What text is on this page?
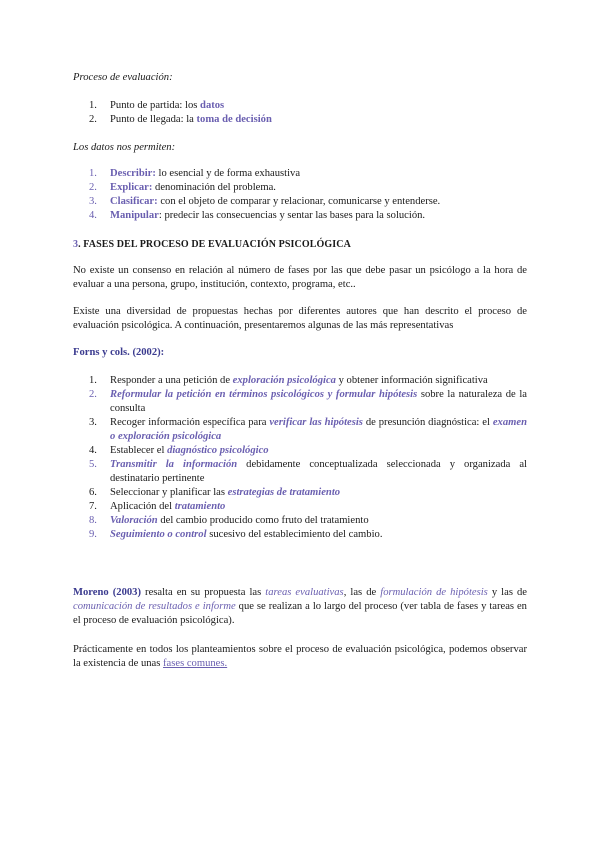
Proceso de evaluación:
1. Punto de partida: los datos
2. Punto de llegada: la toma de decisión
Los datos nos permiten:
1. Describir: lo esencial y de forma exhaustiva
2. Explicar: denominación del problema.
3. Clasificar: con el objeto de comparar y relacionar, comunicarse y entenderse.
4. Manipular: predecir las consecuencias y sentar las bases para la solución.
3. FASES DEL PROCESO DE EVALUACIÓN PSICOLÓGICA

No existe un consenso en relación al número de fases por las que debe pasar un psicólogo a la hora de evaluar a una persona, grupo, institución, contexto, programa, etc..

Existe una diversidad de propuestas hechas por diferentes autores que han descrito el proceso de evaluación psicológica. A continuación, presentaremos algunas de las más representativas

Forns y cols. (2002):
1. Responder a una petición de exploración psicológica y obtener información significativa
2. Reformular la petición en términos psicológicos y formular hipótesis sobre la naturaleza de la consulta
3. Recoger información específica para verificar las hipótesis de presunción diagnóstica: el examen o exploración psicológica
4. Establecer el diagnóstico psicológico
5. Transmitir la información debidamente conceptualizada seleccionada y organizada al destinatario pertinente
6. Seleccionar y planificar las estrategias de tratamiento
7. Aplicación del tratamiento
8. Valoración del cambio producido como fruto del tratamiento
9. Seguimiento o control sucesivo del establecimiento del cambio.

Moreno (2003) resalta en su propuesta las tareas evaluativas, las de formulación de hipótesis y las de comunicación de resultados e informe que se realizan a lo largo del proceso (ver tabla de fases y tareas en el proceso de evaluación psicológica).

Prácticamente en todos los planteamientos sobre el proceso de evaluación psicológica, podemos observar la existencia de unas fases comunes.
